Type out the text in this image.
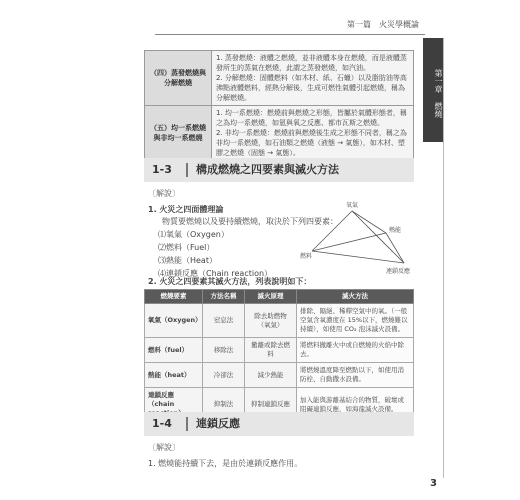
第一篇　火災學概論
第一章 燃燒
（四）蒸發燃燒與分解燃燒	1. 蒸發燃燒：液體之燃燒，並非液體本身在燃燒，而是液體蒸發所生的蒸氣在燃燒，此謂之蒸發燃燒，如汽油。
2. 分解燃燒：固體燃料（如木材、紙、石蠟）以及脂肪油等高沸點液體燃料，經熱分解後，生成可燃性氣體引起燃燒，稱為分解燃燒。

（五）均一系燃燒與非均一系燃燒	1. 均一系燃燒：燃燒前與燃燒之形態，皆屬於氣體形態者，稱之為均一系燃燒，如氫與氧之反應、都市瓦斯之燃燒。
2. 非均一系燃燒：燃燒前與燃燒後生成之形態不同者，稱之為非均一系燃燒，如石油類之燃燒（液態 → 氣態），如木材、塑膠之燃燒（固態 → 氣態）。
1-3 構成燃燒之四要素與滅火方法
〔解說〕
1. 火災之四面體理論
物質要燃燒以及要持續燃燒，取決於下列四要素：
⑴氧氣（Oxygen）
⑵燃料（Fuel）
⑶熱能（Heat）
⑷連鎖反應（Chain reaction）
氧氣
燃料
熱能
連鎖反應
2. 火災之四要素其滅火方法，列表說明如下：
燃燒要素	方法名稱	滅火原理	滅火方法
氧氣（Oxygen）	窒息法	除去助燃物（氧氣）	排除、隔絕、稀釋空氣中的氧。（一般空氣含氧濃度在 15%以下，燃燒難以持續），如使用 CO₂ 泡沫滅火設備。
燃料（fuel）	移除法	撤離或除去燃料	將燃料撤離火中或自燃燒的火焰中除去。
熱能（heat）	冷卻法	減少熱能	將燃燒溫度降至燃點以下，如使用消防栓、自動撒水設備。
連鎖反應（chain	抑制法	抑制連鎖反應	加入能與游離基結合的物質，破壞或阻礙連鎖反應，如海龍滅火設備。
1-4 連鎖反應
〔解說〕
1. 燃燒能持續下去，是由於連鎖反應作用。
3
